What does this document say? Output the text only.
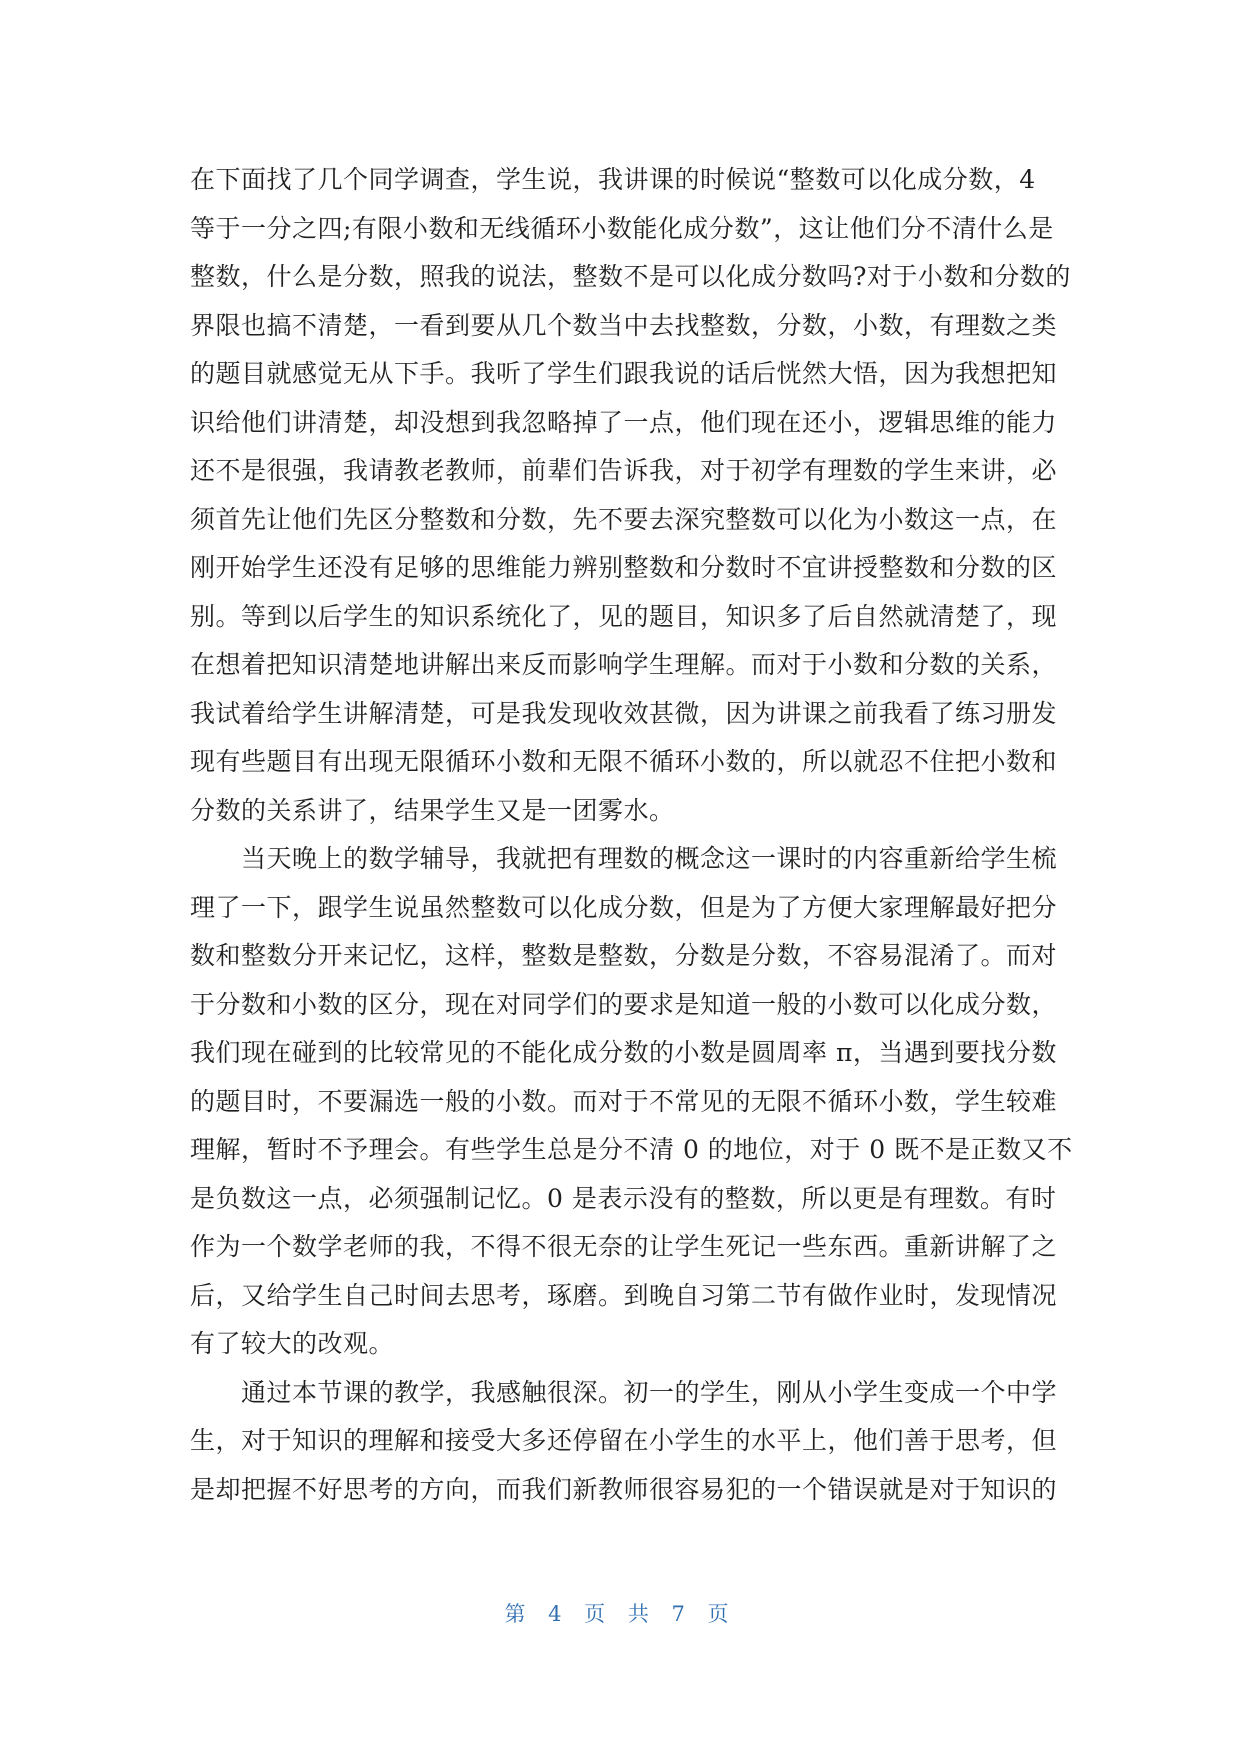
在下面找了几个同学调查，学生说，我讲课的时候说“整数可以化成分数，4
等于一分之四;有限小数和无线循环小数能化成分数”，这让他们分不清什么是
整数，什么是分数，照我的说法，整数不是可以化成分数吗?对于小数和分数的
界限也搞不清楚，一看到要从几个数当中去找整数，分数，小数，有理数之类
的题目就感觉无从下手。我听了学生们跟我说的话后恍然大悟，因为我想把知
识给他们讲清楚，却没想到我忽略掉了一点，他们现在还小，逻辑思维的能力
还不是很强，我请教老教师，前辈们告诉我，对于初学有理数的学生来讲，必
须首先让他们先区分整数和分数，先不要去深究整数可以化为小数这一点，在
刚开始学生还没有足够的思维能力辨别整数和分数时不宜讲授整数和分数的区
别。等到以后学生的知识系统化了，见的题目，知识多了后自然就清楚了，现
在想着把知识清楚地讲解出来反而影响学生理解。而对于小数和分数的关系，
我试着给学生讲解清楚，可是我发现收效甚微，因为讲课之前我看了练习册发
现有些题目有出现无限循环小数和无限不循环小数的，所以就忍不住把小数和
分数的关系讲了，结果学生又是一团雾水。
　　当天晚上的数学辅导，我就把有理数的概念这一课时的内容重新给学生梳
理了一下，跟学生说虽然整数可以化成分数，但是为了方便大家理解最好把分
数和整数分开来记忆，这样，整数是整数，分数是分数，不容易混淆了。而对
于分数和小数的区分，现在对同学们的要求是知道一般的小数可以化成分数，
我们现在碰到的比较常见的不能化成分数的小数是圆周率 π，当遇到要找分数
的题目时，不要漏选一般的小数。而对于不常见的无限不循环小数，学生较难
理解，暂时不予理会。有些学生总是分不清 0 的地位，对于 0 既不是正数又不
是负数这一点，必须强制记忆。0 是表示没有的整数，所以更是有理数。有时
作为一个数学老师的我，不得不很无奈的让学生死记一些东西。重新讲解了之
后，又给学生自己时间去思考，琢磨。到晚自习第二节有做作业时，发现情况
有了较大的改观。
　　通过本节课的教学，我感触很深。初一的学生，刚从小学生变成一个中学
生，对于知识的理解和接受大多还停留在小学生的水平上，他们善于思考，但
是却把握不好思考的方向，而我们新教师很容易犯的一个错误就是对于知识的
第 4 页 共 7 页
